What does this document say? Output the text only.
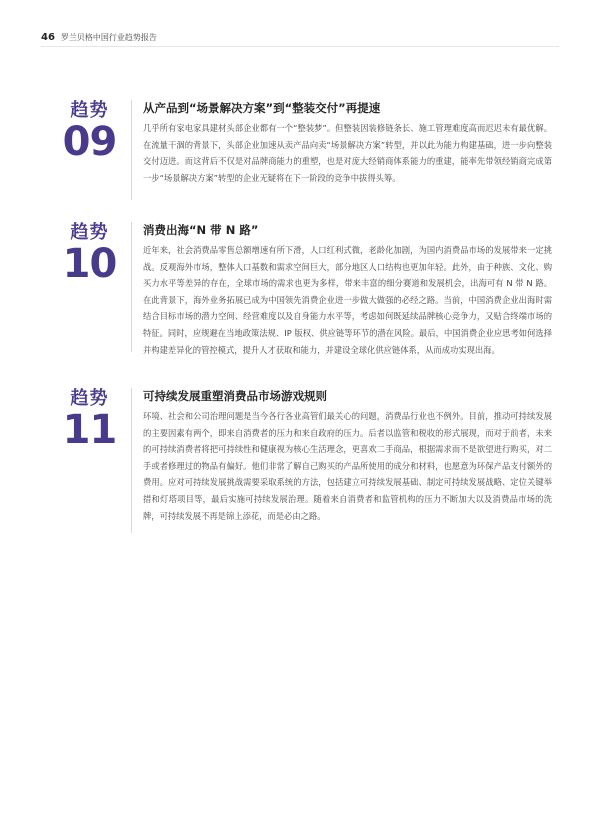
46 罗兰贝格中国行业趋势报告
趋势
09
从产品到“场景解决方案”到“整装交付”再提速
几乎所有家电家具建材头部企业都有一个“整装梦”。但整装因装修链条长、施工管理难度高而迟迟未有最优解。在流量干涸的背景下，头部企业加速从卖产品向卖“场景解决方案”转型，并以此为能力构建基础，进一步向整装交付迈进。而这背后不仅是对品牌商能力的重塑，也是对庞大经销商体系能力的重建，能率先带领经销商完成第一步“场景解决方案”转型的企业无疑将在下一阶段的竞争中拔得头筹。
趋势
10
消费出海“N 带 N 路”
近年来，社会消费品零售总额增速有所下滑，人口红利式微，老龄化加剧，为国内消费品市场的发展带来一定挑战。反观海外市场，整体人口基数和需求空间巨大，部分地区人口结构也更加年轻。此外，由于种族、文化、购买力水平等差异的存在，全球市场的需求也更为多样，带来丰富的细分赛道和发展机会，出海可有 N 带 N 路。在此背景下，海外业务拓展已成为中国领先消费企业进一步做大做强的必经之路。当前，中国消费企业出海时需结合目标市场的潜力空间、经营难度以及自身能力水平等，考虑如何既延续品牌核心竞争力，又贴合终端市场的特征。同时，应规避在当地政策法规、IP 版权、供应链等环节的潜在风险。最后，中国消费企业应思考如何选择并构建差异化的管控模式，提升人才获取和能力，并建设全球化供应链体系，从而成功实现出海。
趋势
11
可持续发展重塑消费品市场游戏规则
环境、社会和公司治理问题是当今各行各业高管们最关心的问题，消费品行业也不例外。目前，推动可持续发展的主要因素有两个，即来自消费者的压力和来自政府的压力。后者以监管和税收的形式展现，而对于前者，未来的可持续消费者将把可持续性和健康视为核心生活理念，更喜欢二手商品，根据需求而不是欲望进行购买，对二手或者修理过的物品有偏好。他们非常了解自己购买的产品所使用的成分和材料，也愿意为环保产品支付额外的费用。应对可持续发展挑战需要采取系统的方法，包括建立可持续发展基础、制定可持续发展战略、定位关键举措和灯塔项目等，最后实施可持续发展治理。随着来自消费者和监管机构的压力不断加大以及消费品市场的洗牌，可持续发展不再是锦上添花，而是必由之路。
